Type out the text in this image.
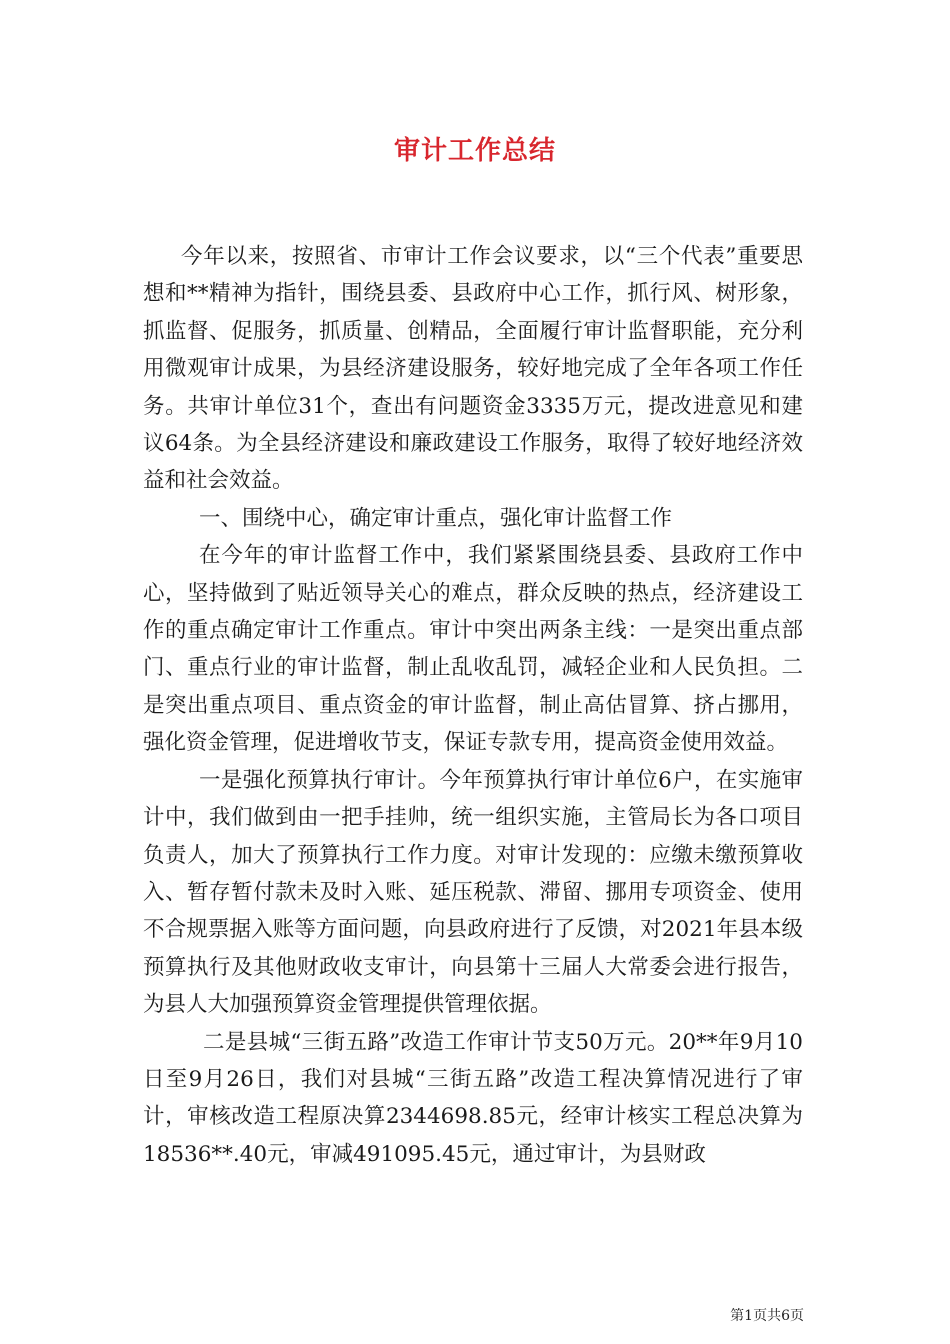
审计工作总结

今年以来，按照省、市审计工作会议要求，以“三个代表”重要思想和**精神为指针，围绕县委、县政府中心工作，抓行风、树形象，抓监督、促服务，抓质量、创精品，全面履行审计监督职能，充分利用微观审计成果，为县经济建设服务，较好地完成了全年各项工作任务。共审计单位31个，查出有问题资金3335万元，提改进意见和建议64条。为全县经济建设和廉政建设工作服务，取得了较好地经济效益和社会效益。

一、围绕中心，确定审计重点，强化审计监督工作

在今年的审计监督工作中，我们紧紧围绕县委、县政府工作中心，坚持做到了贴近领导关心的难点，群众反映的热点，经济建设工作的重点确定审计工作重点。审计中突出两条主线：一是突出重点部门、重点行业的审计监督，制止乱收乱罚，减轻企业和人民负担。二是突出重点项目、重点资金的审计监督，制止高估冒算、挤占挪用，强化资金管理，促进增收节支，保证专款专用，提高资金使用效益。

一是强化预算执行审计。今年预算执行审计单位6户，在实施审计中，我们做到由一把手挂帅，统一组织实施，主管局长为各口项目负责人，加大了预算执行工作力度。对审计发现的：应缴未缴预算收入、暂存暂付款未及时入账、延压税款、滞留、挪用专项资金、使用不合规票据入账等方面问题，向县政府进行了反馈，对2021年县本级预算执行及其他财政收支审计，向县第十三届人大常委会进行报告，为县人大加强预算资金管理提供管理依据。

二是县城“三街五路”改造工作审计节支50万元。20**年9月10日至9月26日，我们对县城“三街五路”改造工程决算情况进行了审计，审核改造工程原决算2344698.85元，经审计核实工程总决算为18536**.40元，审减491095.45元，通过审计，为县财政

第1页共6页
